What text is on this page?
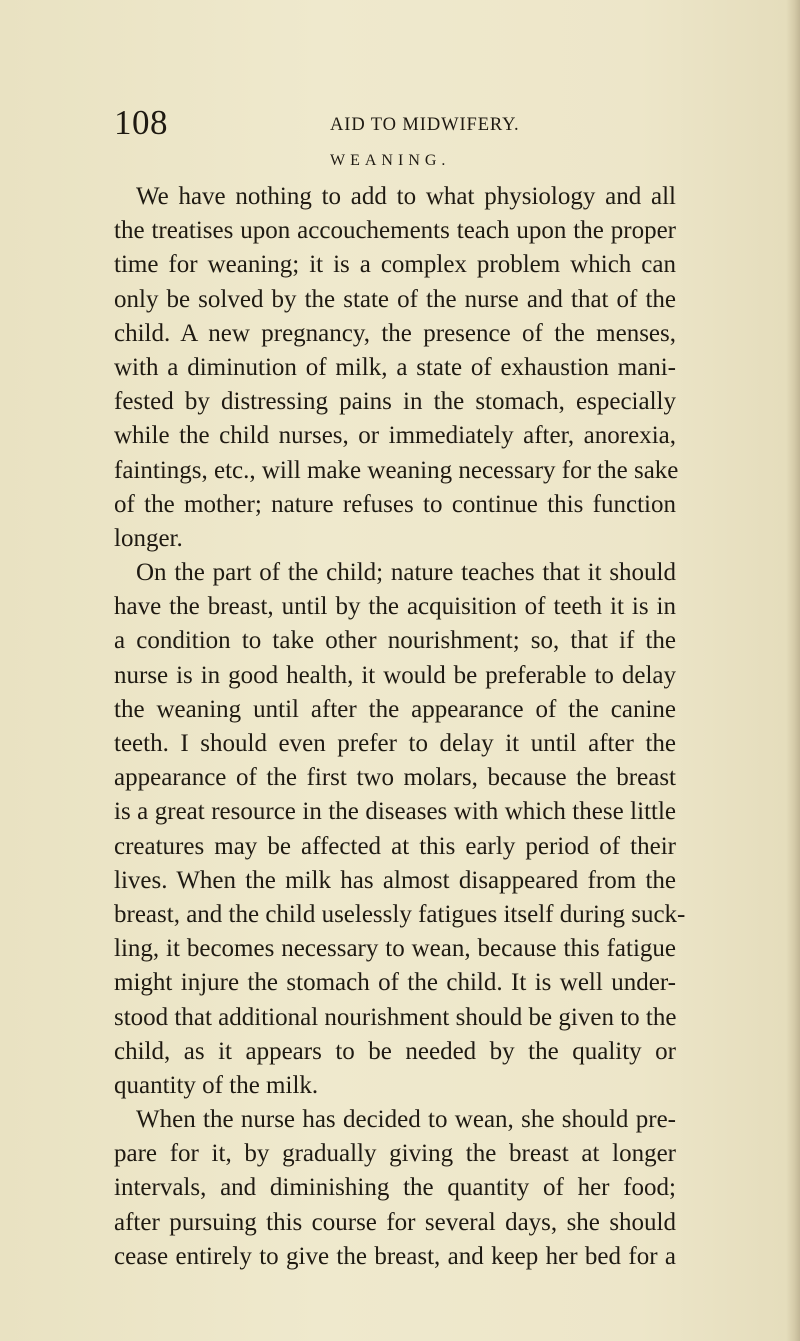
108	AID TO MIDWIFERY.
WEANING.
We have nothing to add to what physiology and all
the treatises upon accouchements teach upon the proper
time for weaning; it is a complex problem which can
only be solved by the state of the nurse and that of the
child. A new pregnancy, the presence of the menses,
with a diminution of milk, a state of exhaustion mani-
fested by distressing pains in the stomach, especially
while the child nurses, or immediately after, anorexia,
faintings, etc., will make weaning necessary for the sake
of the mother; nature refuses to continue this function
longer.
On the part of the child; nature teaches that it should
have the breast, until by the acquisition of teeth it is in
a condition to take other nourishment; so, that if the
nurse is in good health, it would be preferable to delay
the weaning until after the appearance of the canine
teeth. I should even prefer to delay it until after the
appearance of the first two molars, because the breast
is a great resource in the diseases with which these little
creatures may be affected at this early period of their
lives. When the milk has almost disappeared from the
breast, and the child uselessly fatigues itself during suck-
ling, it becomes necessary to wean, because this fatigue
might injure the stomach of the child. It is well under-
stood that additional nourishment should be given to the
child, as it appears to be needed by the quality or
quantity of the milk.
When the nurse has decided to wean, she should pre-
pare for it, by gradually giving the breast at longer
intervals, and diminishing the quantity of her food;
after pursuing this course for several days, she should
cease entirely to give the breast, and keep her bed for a
